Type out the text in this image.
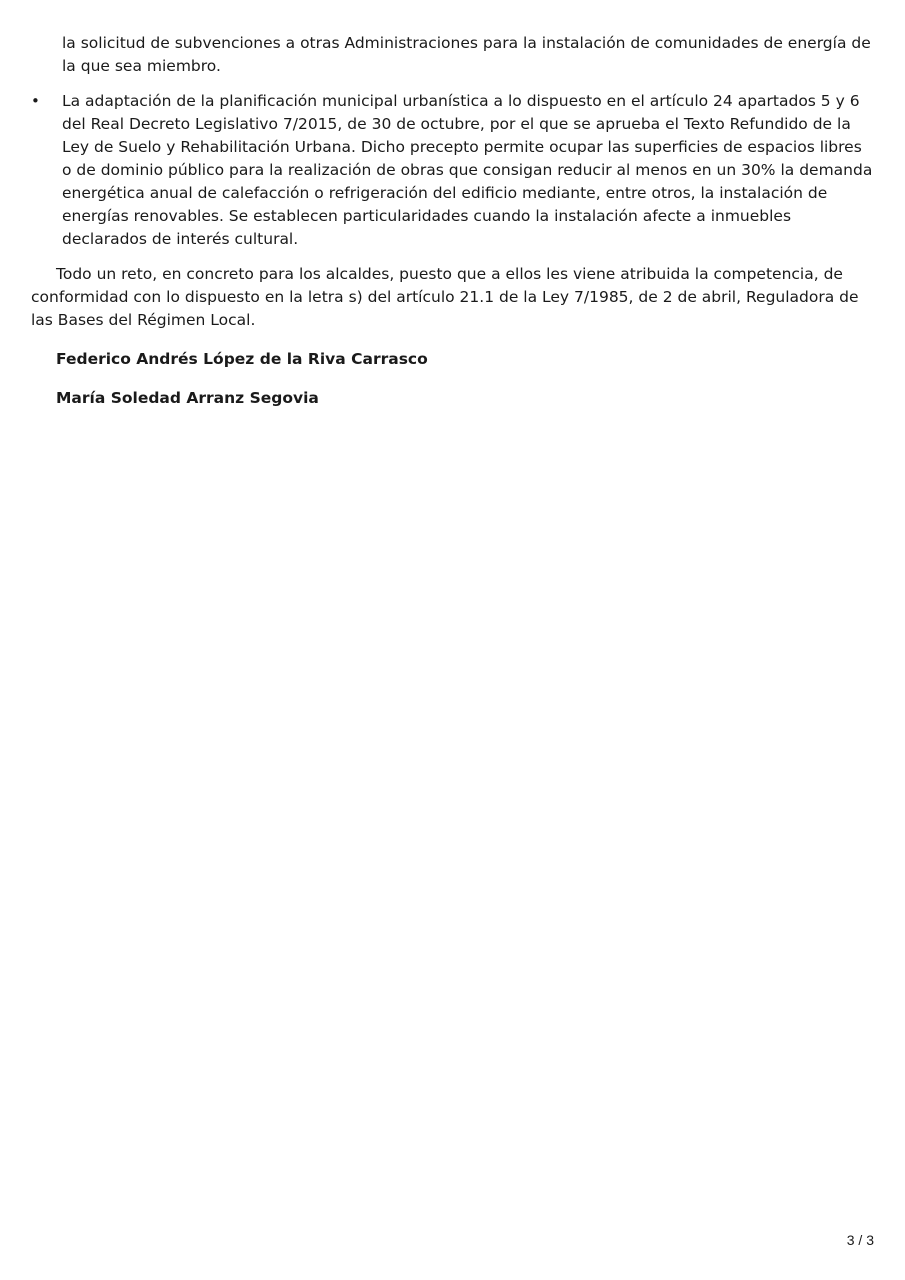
la solicitud de subvenciones a otras Administraciones para la instalación de comunidades de energía de la que sea miembro.
•	La adaptación de la planificación municipal urbanística a lo dispuesto en el artículo 24 apartados 5 y 6 del Real Decreto Legislativo 7/2015, de 30 de octubre, por el que se aprueba el Texto Refundido de la Ley de Suelo y Rehabilitación Urbana. Dicho precepto permite ocupar las superficies de espacios libres o de dominio público para la realización de obras que consigan reducir al menos en un 30% la demanda energética anual de calefacción o refrigeración del edificio mediante, entre otros, la instalación de energías renovables. Se establecen particularidades cuando la instalación afecte a inmuebles declarados de interés cultural.

Todo un reto, en concreto para los alcaldes, puesto que a ellos les viene atribuida la competencia, de conformidad con lo dispuesto en la letra s) del artículo 21.1 de la Ley 7/1985, de 2 de abril, Reguladora de las Bases del Régimen Local.

Federico Andrés López de la Riva Carrasco

María Soledad Arranz Segovia

3 / 3
